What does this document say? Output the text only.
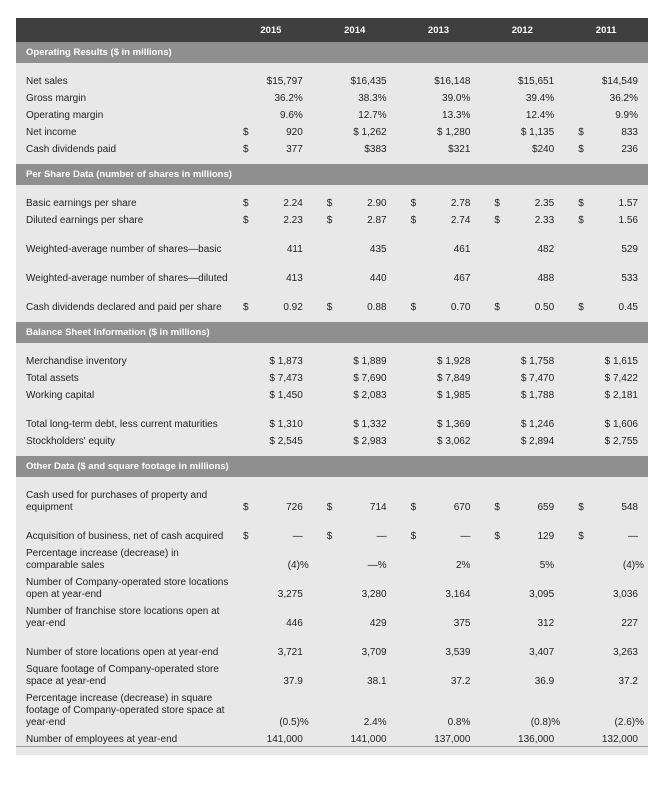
	2015	2014	2013	2012	2011
Operating Results ($ in millions)					

Net sales	$15,797	$16,435	$16,148	$15,651	$14,549

Gross margin	36.2%	38.3%	39.0%	39.4%	36.2%

Operating margin	9.6%	12.7%	13.3%	12.4%	9.9%

Net income	$ 920	$ 1,262	$ 1,280	$ 1,135	$ 833

Cash dividends paid	$ 377	$383	$321	$240	$ 236

Per Share Data (number of shares in millions)					

Basic earnings per share	$ 2.24	$ 2.90	$ 2.78	$ 2.35	$ 1.57

Diluted earnings per share	$ 2.23	$ 2.87	$ 2.74	$ 2.33	$ 1.56

Weighted-average number of shares—basic	411	435	461	482	529

Weighted-average number of shares—diluted	413	440	467	488	533

Cash dividends declared and paid per share	$ 0.92	$ 0.88	$ 0.70	$ 0.50	$ 0.45

Balance Sheet Information ($ in millions)					

Merchandise inventory	$ 1,873	$ 1,889	$ 1,928	$ 1,758	$ 1,615

Total assets	$ 7,473	$ 7,690	$ 7,849	$ 7,470	$ 7,422

Working capital	$ 1,450	$ 2,083	$ 1,985	$ 1,788	$ 2,181

Total long-term debt, less current maturities	$ 1,310	$ 1,332	$ 1,369	$ 1,246	$ 1,606

Stockholders' equity	$ 2,545	$ 2,983	$ 3,062	$ 2,894	$ 2,755

Other Data ($ and square footage in millions)					

Cash used for purchases of property and equipment	$ 726	$ 714	$ 670	$ 659	$ 548

Acquisition of business, net of cash acquired	$ —	$ —	$ —	$ 129	$ —

Percentage increase (decrease) in comparable sales	(4)%	—%	2%	5%	(4)%

Number of Company-operated store locations open at year-end	3,275	3,280	3,164	3,095	3,036

Number of franchise store locations open at year-end	446	429	375	312	227

Number of store locations open at year-end	3,721	3,709	3,539	3,407	3,263

Square footage of Company-operated store space at year-end	37.9	38.1	37.2	36.9	37.2

Percentage increase (decrease) in square footage of Company-operated store space at year-end	(0.5)%	2.4%	0.8%	(0.8)%	(2.6)%

Number of employees at year-end	141,000	141,000	137,000	136,000	132,000
